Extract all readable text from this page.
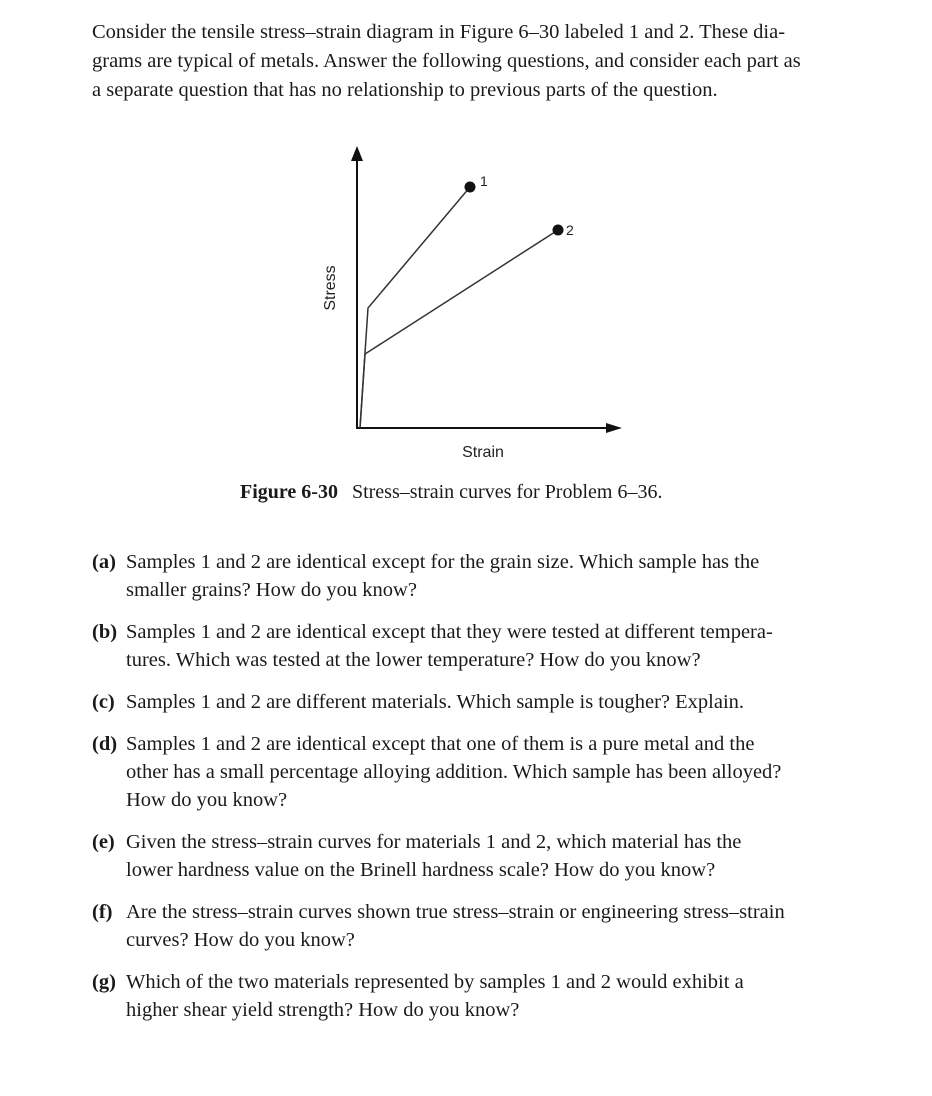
Consider the tensile stress–strain diagram in Figure 6–30 labeled 1 and 2. These dia-
grams are typical of metals. Answer the following questions, and consider each part as
a separate question that has no relationship to previous parts of the question.
1
2
Stress
Strain
Figure 6-30 Stress–strain curves for Problem 6–36.
(a) Samples 1 and 2 are identical except for the grain size. Which sample has the
smaller grains? How do you know?
(b) Samples 1 and 2 are identical except that they were tested at different tempera-
tures. Which was tested at the lower temperature? How do you know?
(c) Samples 1 and 2 are different materials. Which sample is tougher? Explain.
(d) Samples 1 and 2 are identical except that one of them is a pure metal and the
other has a small percentage alloying addition. Which sample has been alloyed?
How do you know?
(e) Given the stress–strain curves for materials 1 and 2, which material has the
lower hardness value on the Brinell hardness scale? How do you know?
(f) Are the stress–strain curves shown true stress–strain or engineering stress–strain
curves? How do you know?
(g) Which of the two materials represented by samples 1 and 2 would exhibit a
higher shear yield strength? How do you know?
